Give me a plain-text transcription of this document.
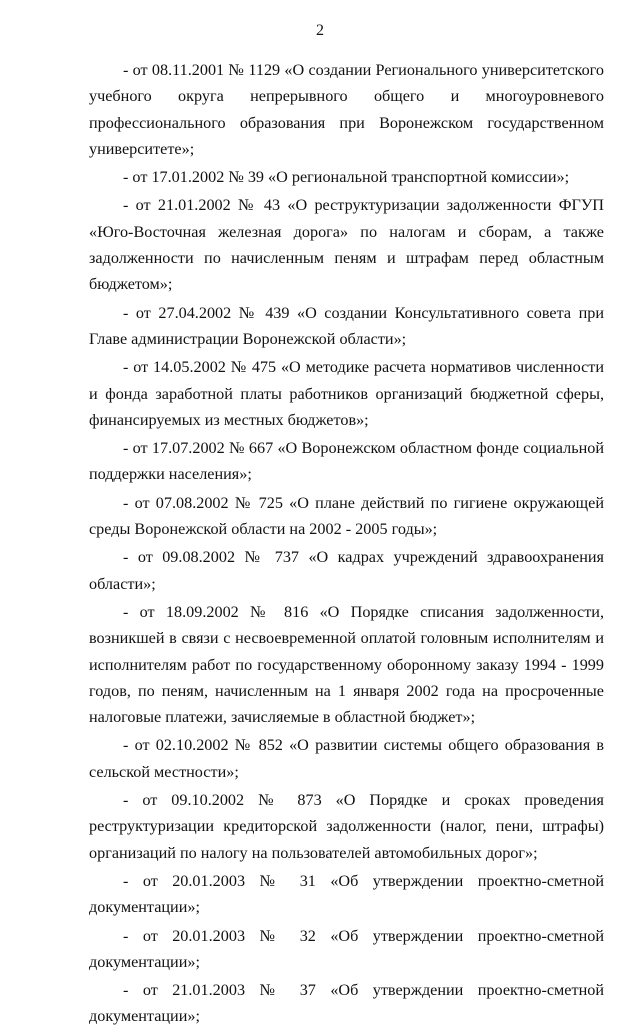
2

- от 08.11.2001 № 1129 «О создании Регионального университетского учебного округа непрерывного общего и многоуровневого профессионального образования при Воронежском государственном университете»;

- от 17.01.2002 № 39 «О региональной транспортной комиссии»;

- от 21.01.2002 № 43 «О реструктуризации задолженности ФГУП «Юго-Восточная железная дорога» по налогам и сборам, а также задолженности по начисленным пеням и штрафам перед областным бюджетом»;

- от 27.04.2002 № 439 «О создании Консультативного совета при Главе администрации Воронежской области»;

- от 14.05.2002 № 475 «О методике расчета нормативов численности и фонда заработной платы работников организаций бюджетной сферы, финансируемых из местных бюджетов»;

- от 17.07.2002 № 667 «О Воронежском областном фонде социальной поддержки населения»;

- от 07.08.2002 № 725 «О плане действий по гигиене окружающей среды Воронежской области на 2002 - 2005 годы»;

- от 09.08.2002 № 737 «О кадрах учреждений здравоохранения области»;

- от 18.09.2002 № 816 «О Порядке списания задолженности, возникшей в связи с несвоевременной оплатой головным исполнителям и исполнителям работ по государственному оборонному заказу 1994 - 1999 годов, по пеням, начисленным на 1 января 2002 года на просроченные налоговые платежи, зачисляемые в областной бюджет»;

- от 02.10.2002 № 852 «О развитии системы общего образования в сельской местности»;

- от 09.10.2002 № 873 «О Порядке и сроках проведения реструктуризации кредиторской задолженности (налог, пени, штрафы) организаций по налогу на пользователей автомобильных дорог»;

- от 20.01.2003 № 31 «Об утверждении проектно-сметной документации»;

- от 20.01.2003 № 32 «Об утверждении проектно-сметной документации»;

- от 21.01.2003 № 37 «Об утверждении проектно-сметной документации»;
